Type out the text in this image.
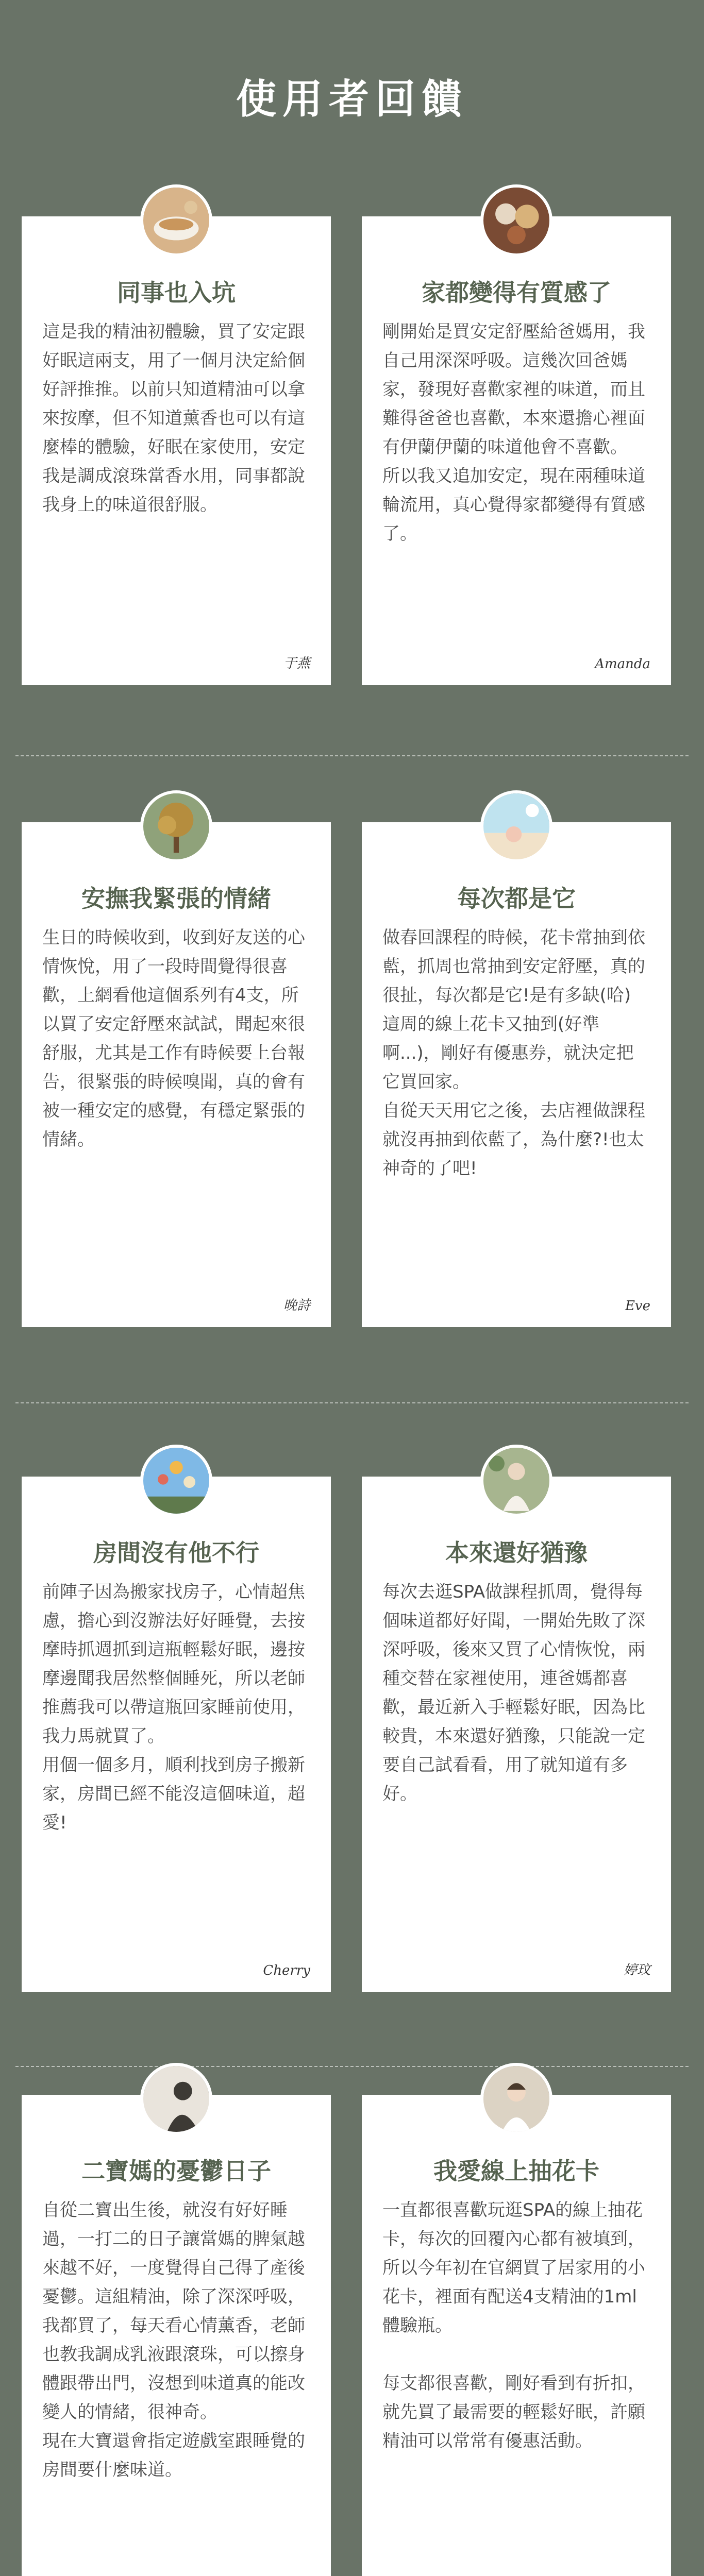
使用者回饋
同事也入坑

這是我的精油初體驗，買了安定跟好眠這兩支，用了一個月決定給個好評推推。以前只知道精油可以拿來按摩，但不知道薰香也可以有這麼棒的體驗，好眠在家使用，安定我是調成滾珠當香水用，同事都說我身上的味道很舒服。

于燕
家都變得有質感了

剛開始是買安定舒壓給爸媽用，我自己用深深呼吸。這幾次回爸媽家，發現好喜歡家裡的味道，而且難得爸爸也喜歡，本來還擔心裡面有伊蘭伊蘭的味道他會不喜歡。

所以我又追加安定，現在兩種味道輪流用，真心覺得家都變得有質感了。

Amanda
安撫我緊張的情緒

生日的時候收到，收到好友送的心情恢悅，用了一段時間覺得很喜歡，上網看他這個系列有4支，所以買了安定舒壓來試試，聞起來很舒服，尤其是工作有時候要上台報告，很緊張的時候嗅聞，真的會有被一種安定的感覺，有穩定緊張的情緒。

晚詩
每次都是它

做春回課程的時候，花卡常抽到依藍，抓周也常抽到安定舒壓，真的很扯，每次都是它!是有多缺(哈)

這周的線上花卡又抽到(好準啊...)，剛好有優惠券，就決定把它買回家。

自從天天用它之後，去店裡做課程就沒再抽到依藍了，為什麼?!也太神奇的了吧!

Eve
房間沒有他不行

前陣子因為搬家找房子，心情超焦慮，擔心到沒辦法好好睡覺，去按摩時抓週抓到這瓶輕鬆好眠，邊按摩邊聞我居然整個睡死，所以老師推薦我可以帶這瓶回家睡前使用，我力馬就買了。

用個一個多月，順利找到房子搬新家，房間已經不能沒這個味道，超愛!

Cherry
本來還好猶豫

每次去逛SPA做課程抓周，覺得每個味道都好好聞，一開始先敗了深深呼吸，後來又買了心情恢悅，兩種交替在家裡使用，連爸媽都喜歡，最近新入手輕鬆好眠，因為比較貴，本來還好猶豫，只能說一定要自己試看看，用了就知道有多好。

婷玟
二寶媽的憂鬱日子

自從二寶出生後，就沒有好好睡過，一打二的日子讓當媽的脾氣越來越不好，一度覺得自己得了產後憂鬱。這組精油，除了深深呼吸，我都買了，每天看心情薰香，老師也教我調成乳液跟滾珠，可以擦身體跟帶出門，沒想到味道真的能改變人的情緒，很神奇。

現在大寶還會指定遊戲室跟睡覺的房間要什麼味道。

我愛線上抽花卡

一直都很喜歡玩逛SPA的線上抽花卡，每次的回覆內心都有被填到，所以今年初在官網買了居家用的小花卡，裡面有配送4支精油的1ml體驗瓶。

每支都很喜歡，剛好看到有折扣，就先買了最需要的輕鬆好眠，許願精油可以常常有優惠活動。
